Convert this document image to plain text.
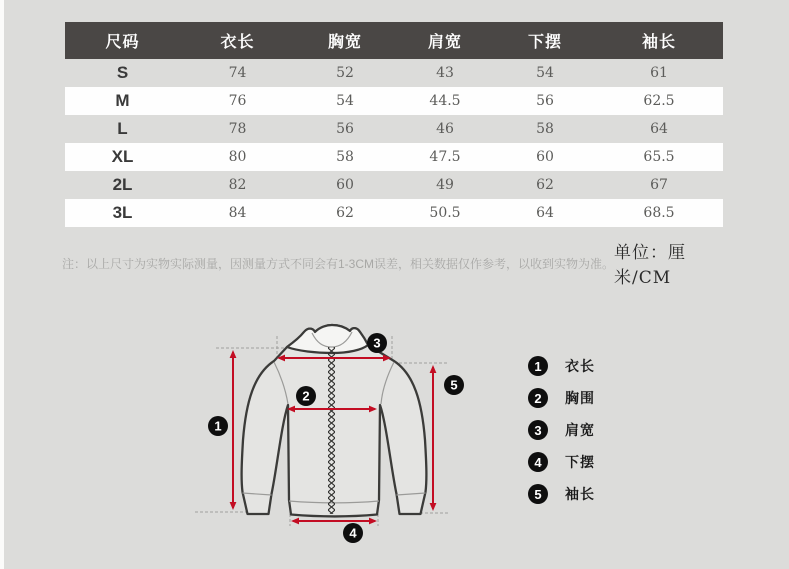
尺码	衣长	胸宽	肩宽	下摆	袖长
S	74	52	43	54	61
M	76	54	44.5	56	62.5
L	78	56	46	58	64
XL	80	58	47.5	60	65.5
2L	82	60	49	62	67
3L	84	62	50.5	64	68.5
注：以上尺寸为实物实际测量，因测量方式不同会有1-3CM误差，相关数据仅作参考，以收到实物为准。
单位：厘米/CM
1
2
3
4
5
1	衣长
2	胸围
3	肩宽
4	下摆
5	袖长
